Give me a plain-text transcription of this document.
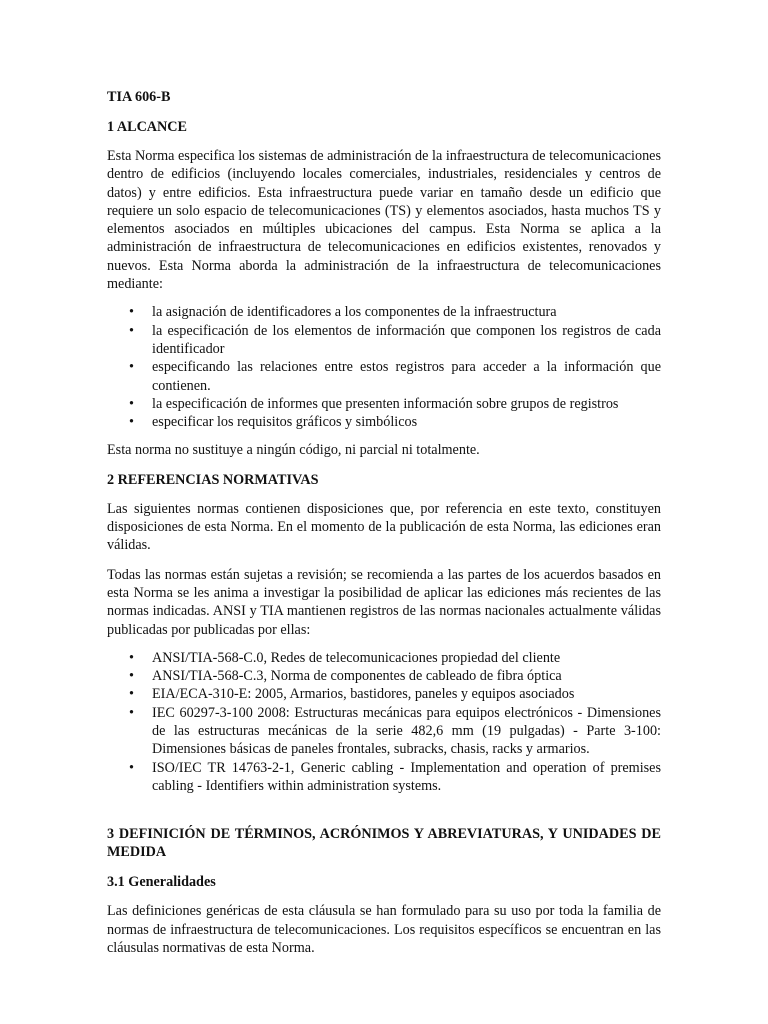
TIA 606-B

1 ALCANCE

Esta Norma especifica los sistemas de administración de la infraestructura de telecomunicaciones dentro de edificios (incluyendo locales comerciales, industriales, residenciales y centros de datos) y entre edificios. Esta infraestructura puede variar en tamaño desde un edificio que requiere un solo espacio de telecomunicaciones (TS) y elementos asociados, hasta muchos TS y elementos asociados en múltiples ubicaciones del campus. Esta Norma se aplica a la administración de infraestructura de telecomunicaciones en edificios existentes, renovados y nuevos. Esta Norma aborda la administración de la infraestructura de telecomunicaciones mediante:

• la asignación de identificadores a los componentes de la infraestructura
• la especificación de los elementos de información que componen los registros de cada identificador
• especificando las relaciones entre estos registros para acceder a la información que contienen.
• la especificación de informes que presenten información sobre grupos de registros
• especificar los requisitos gráficos y simbólicos

Esta norma no sustituye a ningún código, ni parcial ni totalmente.

2 REFERENCIAS NORMATIVAS

Las siguientes normas contienen disposiciones que, por referencia en este texto, constituyen disposiciones de esta Norma. En el momento de la publicación de esta Norma, las ediciones eran válidas.

Todas las normas están sujetas a revisión; se recomienda a las partes de los acuerdos basados en esta Norma se les anima a investigar la posibilidad de aplicar las ediciones más recientes de las normas indicadas. ANSI y TIA mantienen registros de las normas nacionales actualmente válidas publicadas por publicadas por ellas:

• ANSI/TIA-568-C.0, Redes de telecomunicaciones propiedad del cliente
• ANSI/TIA-568-C.3, Norma de componentes de cableado de fibra óptica
• EIA/ECA-310-E: 2005, Armarios, bastidores, paneles y equipos asociados
• IEC 60297-3-100 2008: Estructuras mecánicas para equipos electrónicos - Dimensiones de las estructuras mecánicas de la serie 482,6 mm (19 pulgadas) - Parte 3-100: Dimensiones básicas de paneles frontales, subracks, chasis, racks y armarios.
• ISO/IEC TR 14763-2-1, Generic cabling - Implementation and operation of premises cabling - Identifiers within administration systems.

3 DEFINICIÓN DE TÉRMINOS, ACRÓNIMOS Y ABREVIATURAS, Y UNIDADES DE MEDIDA

3.1 Generalidades

Las definiciones genéricas de esta cláusula se han formulado para su uso por toda la familia de normas de infraestructura de telecomunicaciones. Los requisitos específicos se encuentran en las cláusulas normativas de esta Norma.
